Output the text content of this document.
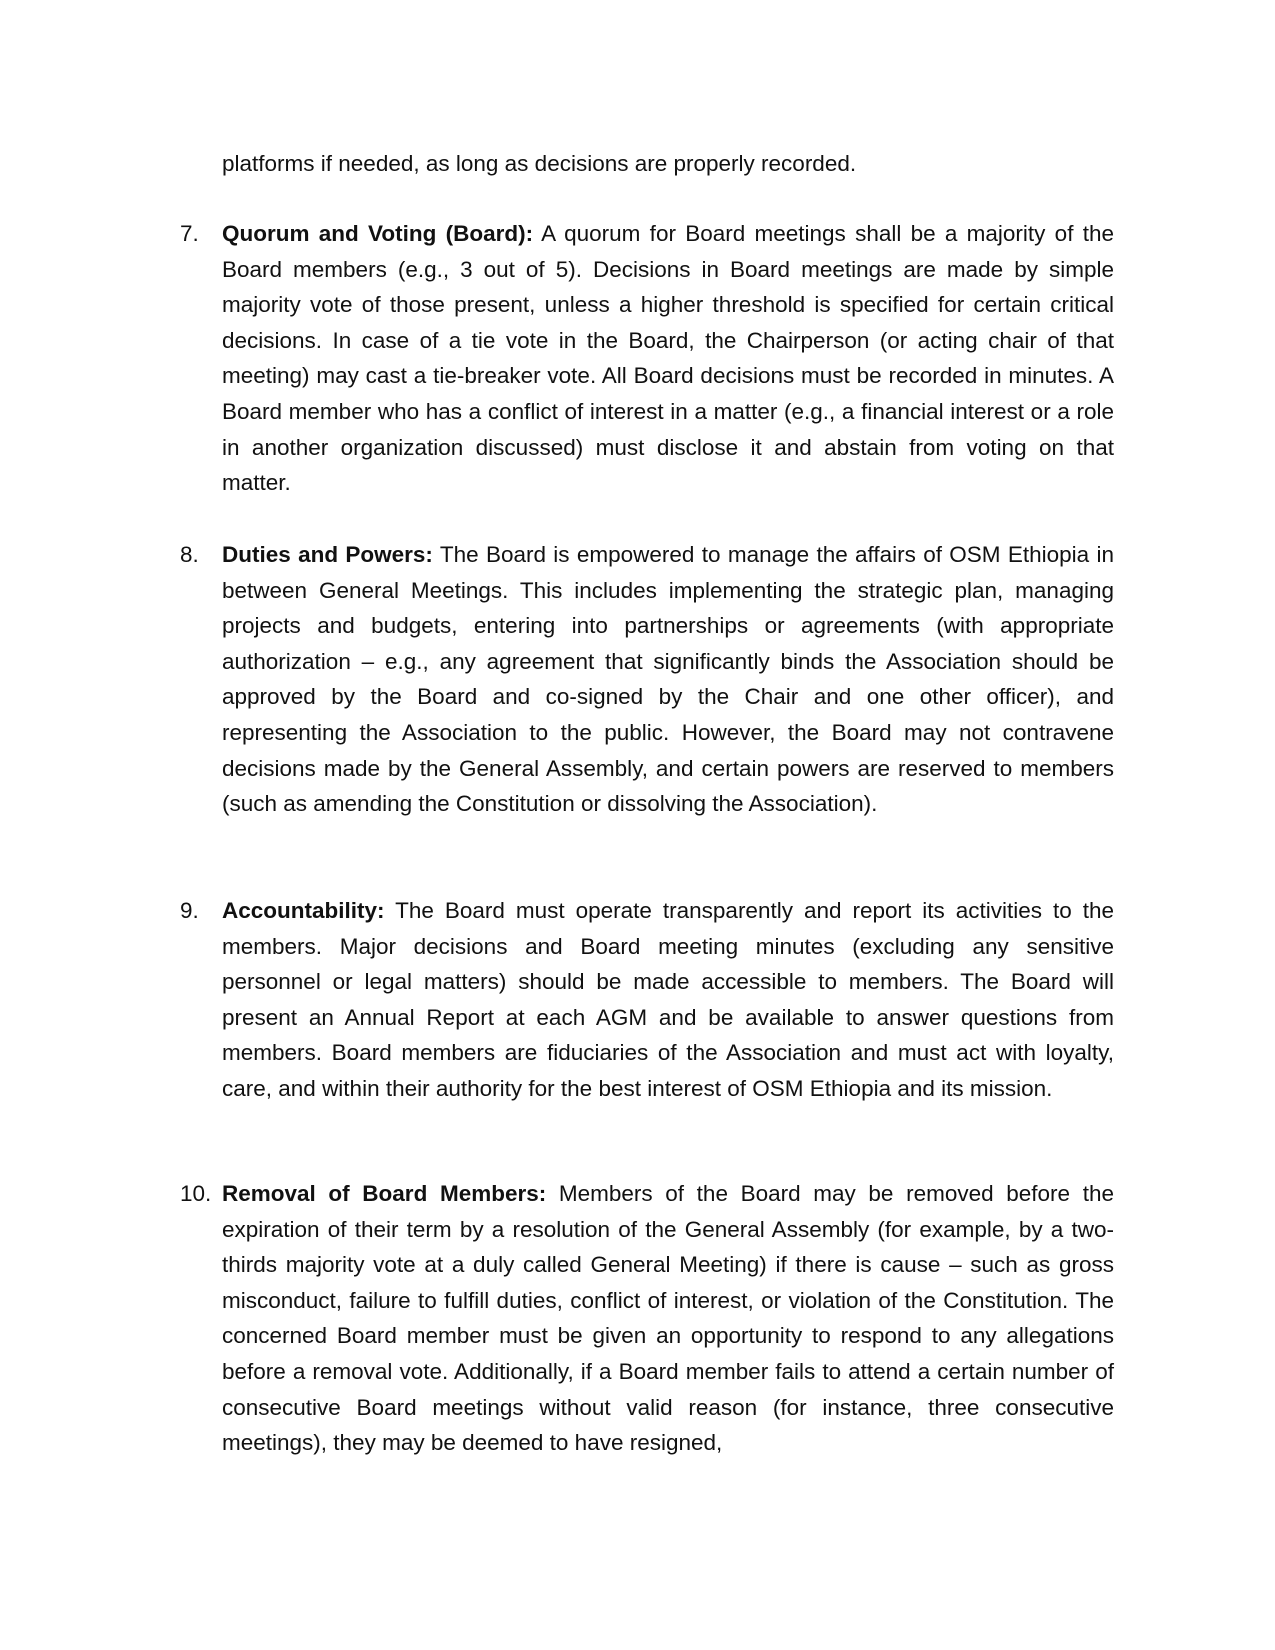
platforms if needed, as long as decisions are properly recorded.

7.	Quorum and Voting (Board): A quorum for Board meetings shall be a majority of the Board members (e.g., 3 out of 5). Decisions in Board meetings are made by simple majority vote of those present, unless a higher threshold is specified for certain critical decisions. In case of a tie vote in the Board, the Chairperson (or acting chair of that meeting) may cast a tie-breaker vote. All Board decisions must be recorded in minutes. A Board member who has a conflict of interest in a matter (e.g., a financial interest or a role in another organization discussed) must disclose it and abstain from voting on that matter.
8.	Duties and Powers: The Board is empowered to manage the affairs of OSM Ethiopia in between General Meetings. This includes implementing the strategic plan, managing projects and budgets, entering into partnerships or agreements (with appropriate authorization – e.g., any agreement that significantly binds the Association should be approved by the Board and co-signed by the Chair and one other officer), and representing the Association to the public. However, the Board may not contravene decisions made by the General Assembly, and certain powers are reserved to members (such as amending the Constitution or dissolving the Association).
9.	Accountability: The Board must operate transparently and report its activities to the members. Major decisions and Board meeting minutes (excluding any sensitive personnel or legal matters) should be made accessible to members. The Board will present an Annual Report at each AGM and be available to answer questions from members. Board members are fiduciaries of the Association and must act with loyalty, care, and within their authority for the best interest of OSM Ethiopia and its mission.
10. Removal of Board Members: Members of the Board may be removed before the expiration of their term by a resolution of the General Assembly (for example, by a two-thirds majority vote at a duly called General Meeting) if there is cause – such as gross misconduct, failure to fulfill duties, conflict of interest, or violation of the Constitution. The concerned Board member must be given an opportunity to respond to any allegations before a removal vote. Additionally, if a Board member fails to attend a certain number of consecutive Board meetings without valid reason (for instance, three consecutive meetings), they may be deemed to have resigned,
